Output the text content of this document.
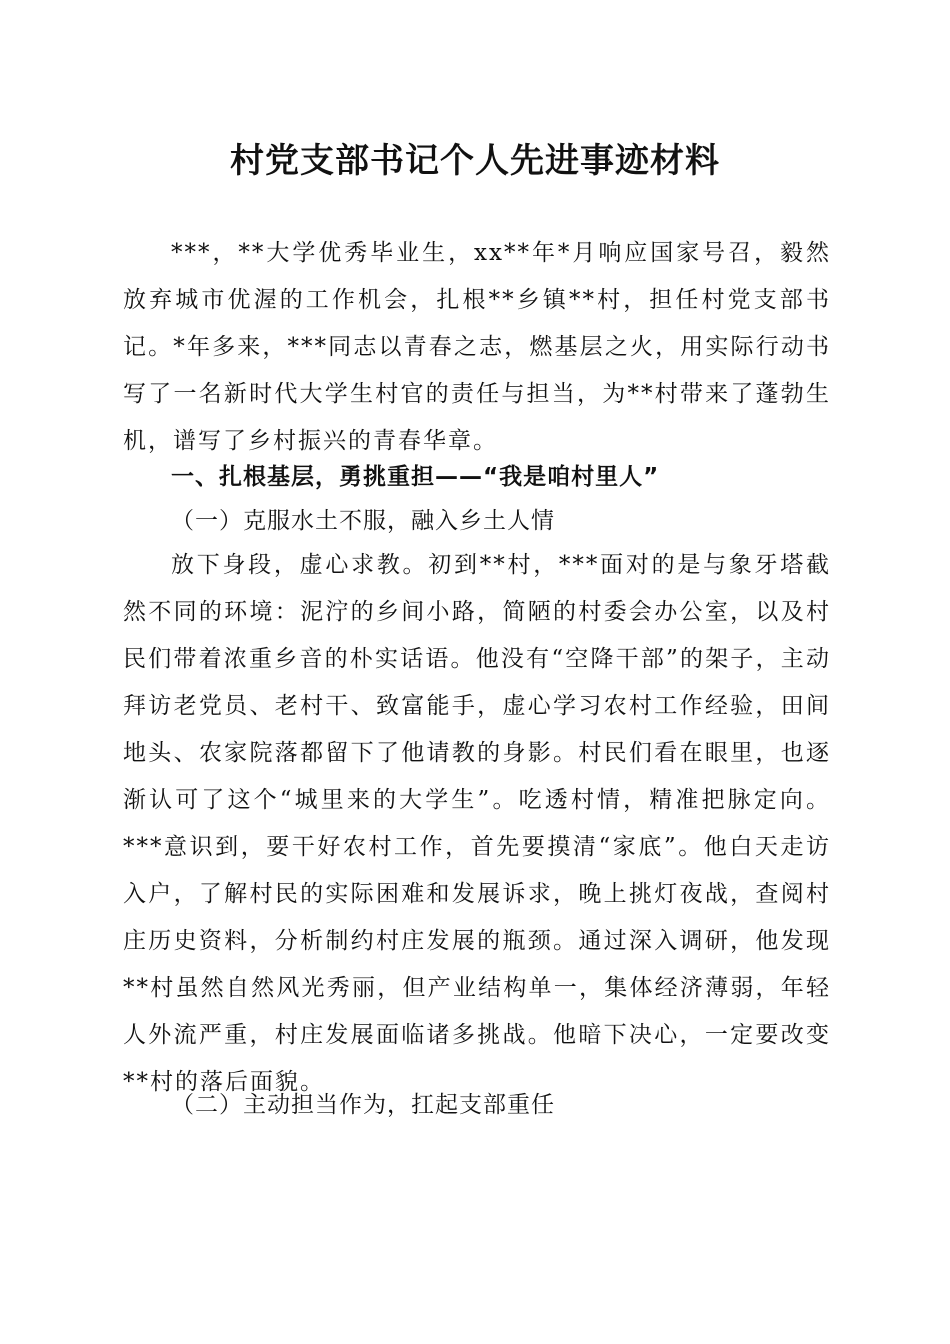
村党支部书记个人先进事迹材料
***，**大学优秀毕业生，xx**年*月响应国家号召，毅然放弃城市优渥的工作机会，扎根**乡镇**村，担任村党支部书记。*年多来，***同志以青春之志，燃基层之火，用实际行动书写了一名新时代大学生村官的责任与担当，为**村带来了蓬勃生机，谱写了乡村振兴的青春华章。
一、扎根基层，勇挑重担——“我是咱村里人”
（一）克服水土不服，融入乡土人情
放下身段，虚心求教。初到**村，***面对的是与象牙塔截然不同的环境：泥泞的乡间小路，简陋的村委会办公室，以及村民们带着浓重乡音的朴实话语。他没有“空降干部”的架子，主动拜访老党员、老村干、致富能手，虚心学习农村工作经验，田间地头、农家院落都留下了他请教的身影。村民们看在眼里，也逐渐认可了这个“城里来的大学生”。吃透村情，精准把脉定向。***意识到，要干好农村工作，首先要摸清“家底”。他白天走访入户，了解村民的实际困难和发展诉求，晚上挑灯夜战，查阅村庄历史资料，分析制约村庄发展的瓶颈。通过深入调研，他发现**村虽然自然风光秀丽，但产业结构单一，集体经济薄弱，年轻人外流严重，村庄发展面临诸多挑战。他暗下决心，一定要改变**村的落后面貌。
（二）主动担当作为，扛起支部重任
